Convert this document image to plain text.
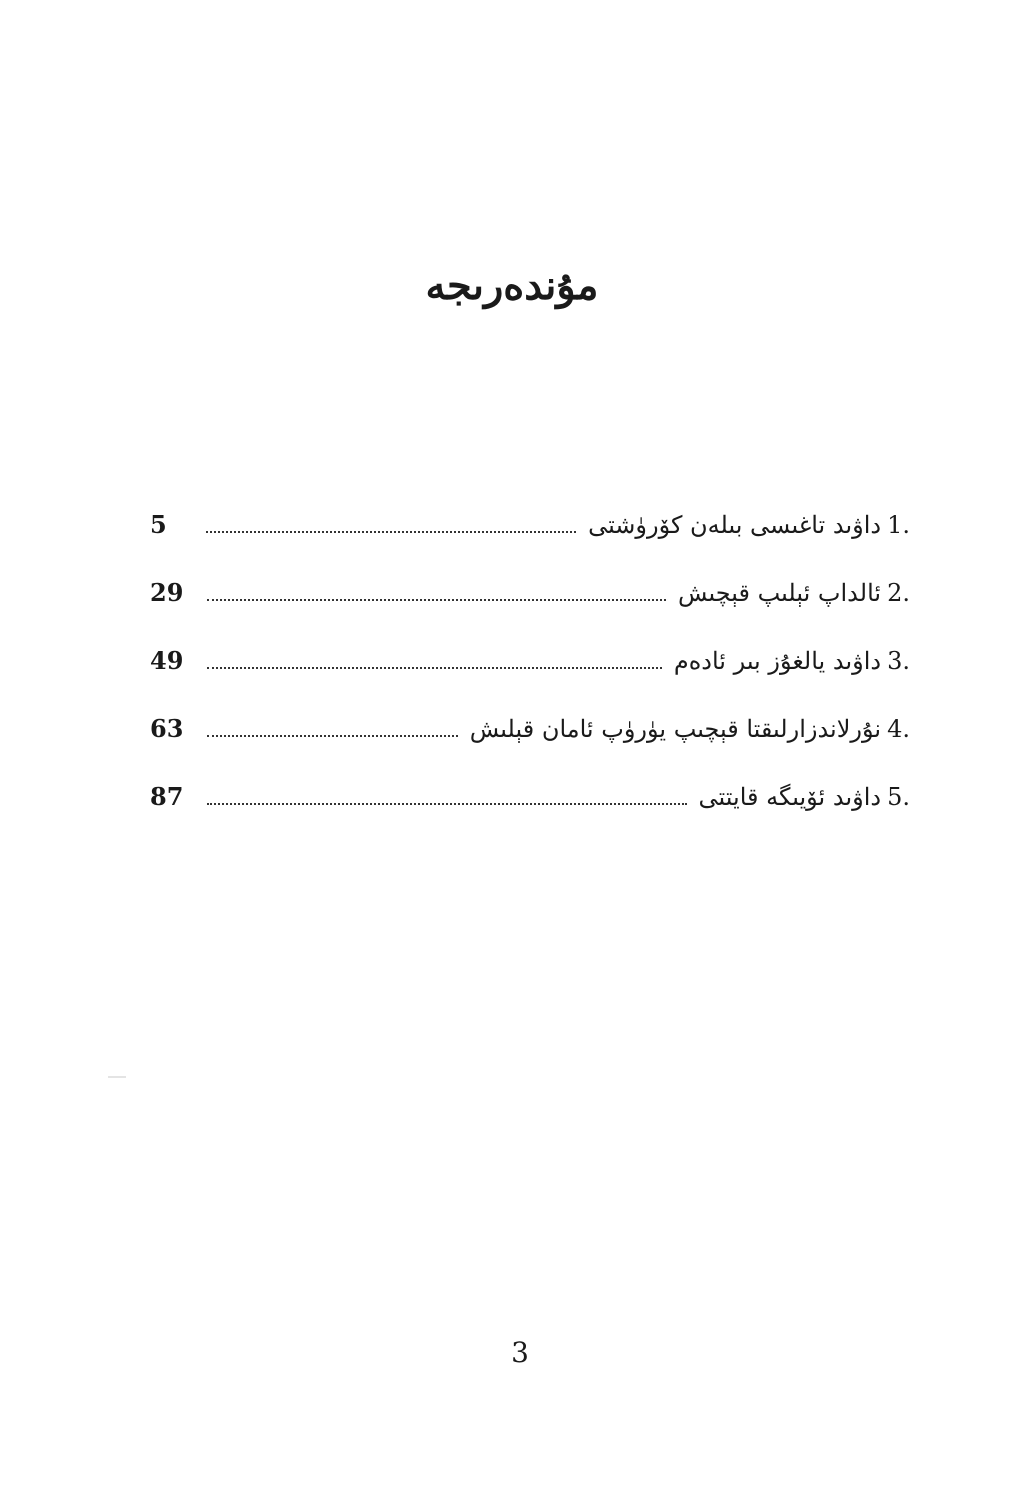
مۇندەرىجە
1.
داۋىد تاغىسى بىلەن كۆرۈشتى
5
2.
ئالداپ ئېلىپ قېچىش
29
3.
داۋىد يالغۇز بىر ئادەم
49
4.
نۇرلاندزارلىقتا قېچىپ يۈرۈپ ئامان قېلىش
63
5.
داۋىد ئۆيىگە قايتتى
87
3
